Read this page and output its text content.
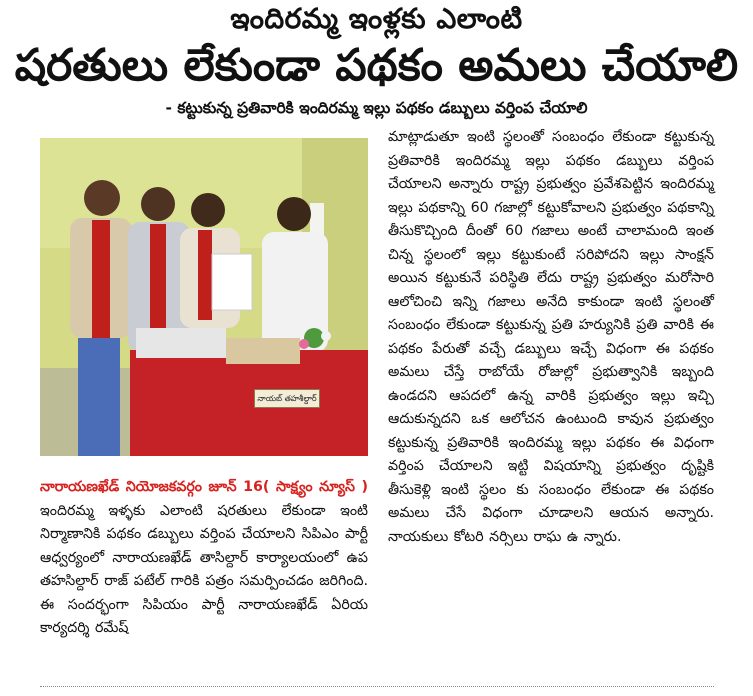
ఇందిరమ్మ ఇంళ్లకు ఎలాంటి
షరతులు లేకుండా పథకం అమలు చేయాలి
- కట్టుకున్న ప్రతివారికి ఇందిరమ్మ ఇల్లు పథకం డబ్బులు వర్తింప చేయాలి
నాయబ్ తహశీల్దార్
మాట్లాడుతూ ఇంటి స్థలంతో సంబంధం లేకుండా కట్టుకున్న ప్రతివారికి ఇందిరమ్మ ఇల్లు పథకం డబ్బులు వర్తింప చేయాలని అన్నారు రాష్ట్ర ప్రభుత్వం ప్రవేశపెట్టిన ఇందిరమ్మ ఇల్లు పథకాన్ని 60 గజాల్లో కట్టుకోవాలని ప్రభుత్వం పథకాన్ని తీసుకొచ్చింది దీంతో 60 గజాలు అంటే చాలామంది ఇంత చిన్న స్థలంలో ఇల్లు కట్టుకుంటే సరిపోదని ఇల్లు సాంక్షన్ అయిన కట్టుకునే పరిస్థితి లేదు రాష్ట్ర ప్రభుత్వం మరోసారి ఆలోచించి ఇన్ని గజాలు అనేది కాకుండా ఇంటి స్థలంతో సంబంధం లేకుండా కట్టుకున్న ప్రతి హర్యునికి ప్రతి వారికి ఈ పథకం పేరుతో వచ్చే డబ్బులు ఇచ్చే విధంగా ఈ పథకం అమలు చేస్తే రాబోయే రోజుల్లో ప్రభుత్వానికి ఇబ్బంది ఉండదని ఆపదలో ఉన్న వారికి ప్రభుత్వం ఇల్లు ఇచ్చి ఆదుకున్నదని ఒక ఆలోచన ఉంటుంది కావున ప్రభుత్వం కట్టుకున్న ప్రతివారికి ఇందిరమ్మ ఇల్లు పథకం ఈ విధంగా వర్తింప చేయాలని ఇట్టి విషయాన్ని ప్రభుత్వం దృష్టికి తీసుకెళ్లి ఇంటి స్థలం కు సంబంధం లేకుండా ఈ పథకం అమలు చేసే విధంగా చూడాలని ఆయన అన్నారు. నాయకులు కోటరి నర్సిలు రాఘ ఉ న్నారు.
నారాయణఖేడ్ నియోజకవర్గం జూన్ 16( సాక్ష్యం న్యూస్ ) ఇందిరమ్మ ఇళ్ళకు ఎలాంటి షరతులు లేకుండా ఇంటి నిర్మాణానికి పథకం డబ్బులు వర్తింప చేయాలని సిపిఎం పార్టీ ఆధ్వర్యంలో నారాయణఖేడ్ తాసిల్దార్ కార్యాలయంలో ఉప తహసిల్దార్ రాజ్ పటేల్ గారికి పత్రం సమర్పించడం జరిగింది. ఈ సందర్భంగా సిపియం పార్టీ నారాయణఖేడ్ ఏరియ కార్యదర్శి రమేష్
